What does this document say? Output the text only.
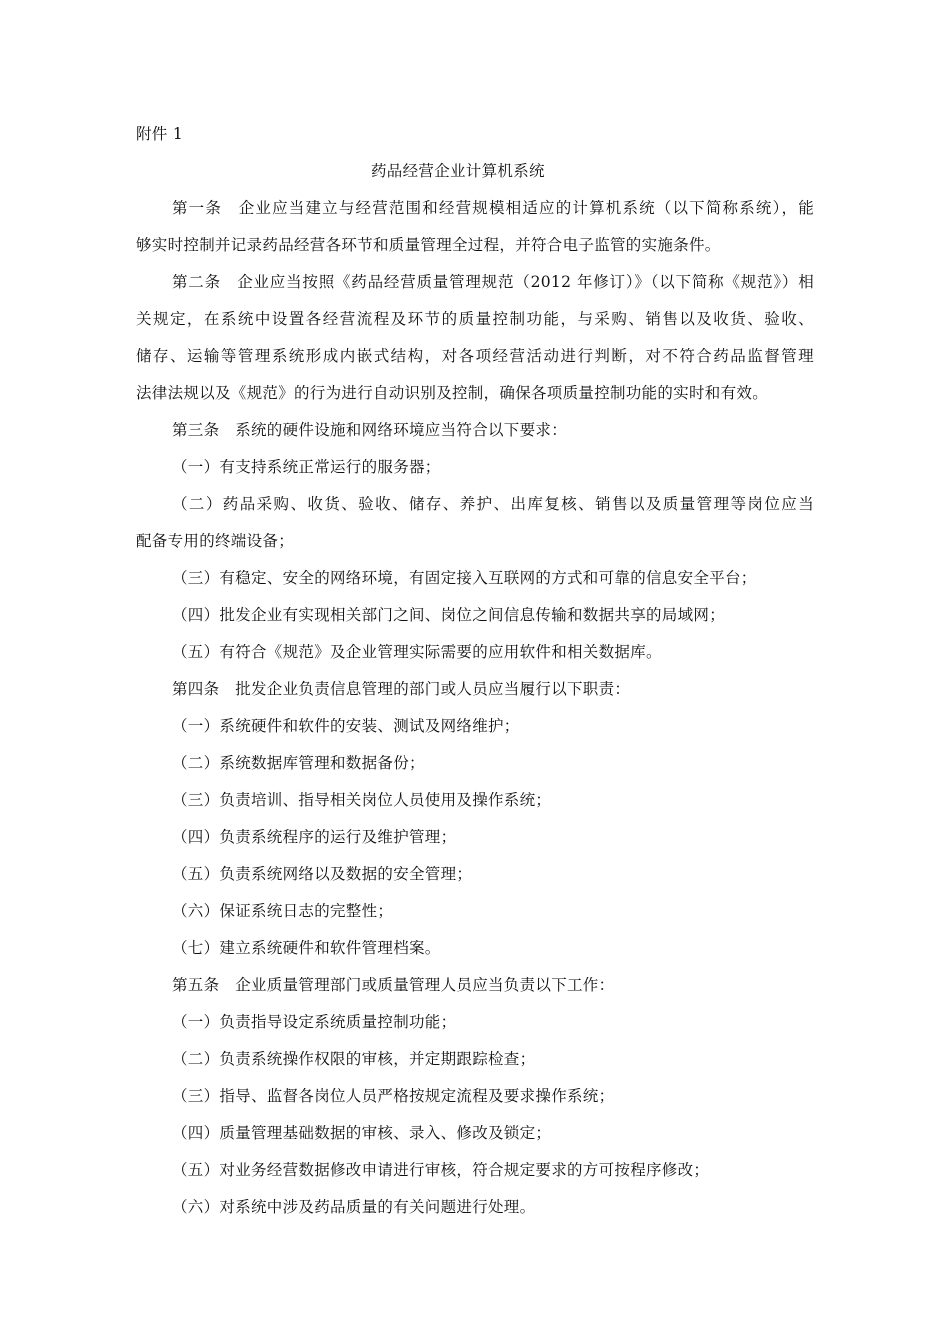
附件 1
药品经营企业计算机系统
第一条　企业应当建立与经营范围和经营规模相适应的计算机系统（以下简称系统），能
够实时控制并记录药品经营各环节和质量管理全过程，并符合电子监管的实施条件。
第二条　企业应当按照《药品经营质量管理规范（2012 年修订）》（以下简称《规范》）相
关规定，在系统中设置各经营流程及环节的质量控制功能，与采购、销售以及收货、验收、
储存、运输等管理系统形成内嵌式结构，对各项经营活动进行判断，对不符合药品监督管理
法律法规以及《规范》的行为进行自动识别及控制，确保各项质量控制功能的实时和有效。
第三条　系统的硬件设施和网络环境应当符合以下要求：
（一）有支持系统正常运行的服务器；
（二）药品采购、收货、验收、储存、养护、出库复核、销售以及质量管理等岗位应当
配备专用的终端设备；
（三）有稳定、安全的网络环境，有固定接入互联网的方式和可靠的信息安全平台；
（四）批发企业有实现相关部门之间、岗位之间信息传输和数据共享的局域网；
（五）有符合《规范》及企业管理实际需要的应用软件和相关数据库。
第四条　批发企业负责信息管理的部门或人员应当履行以下职责：
（一）系统硬件和软件的安装、测试及网络维护；
（二）系统数据库管理和数据备份；
（三）负责培训、指导相关岗位人员使用及操作系统；
（四）负责系统程序的运行及维护管理；
（五）负责系统网络以及数据的安全管理；
（六）保证系统日志的完整性；
（七）建立系统硬件和软件管理档案。
第五条　企业质量管理部门或质量管理人员应当负责以下工作：
（一）负责指导设定系统质量控制功能；
（二）负责系统操作权限的审核，并定期跟踪检查；
（三）指导、监督各岗位人员严格按规定流程及要求操作系统；
（四）质量管理基础数据的审核、录入、修改及锁定；
（五）对业务经营数据修改申请进行审核，符合规定要求的方可按程序修改；
（六）对系统中涉及药品质量的有关问题进行处理。
